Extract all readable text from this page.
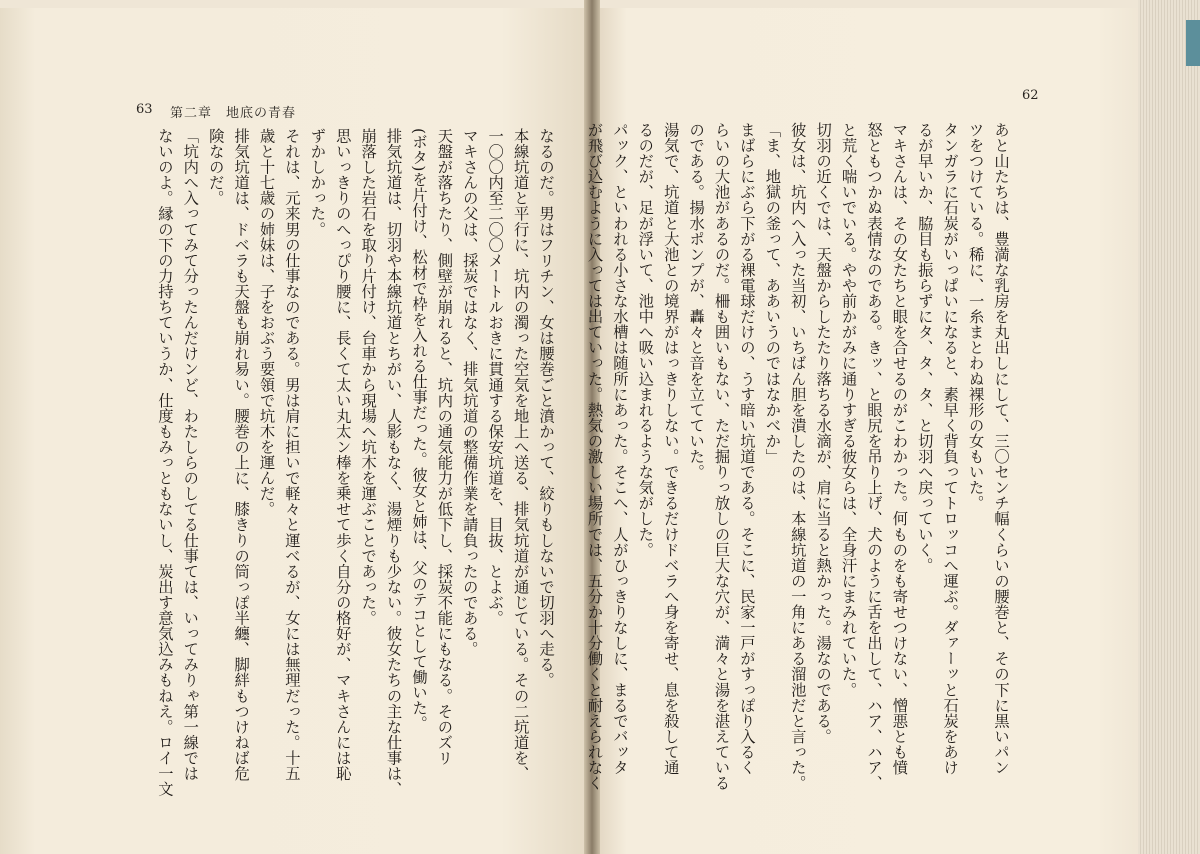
63 第二章　地底の青春
62
なるのだ。男はフリチン、女は腰巻ごと濆かって、絞りもしないで切羽へ走る。
本線坑道と平行に、坑内の濁った空気を地上へ送る、排気坑道が通じている。その二坑道を、
一〇〇内至二〇〇メートルおきに貫通する保安坑道を、目抜、とよぶ。
マキさんの父は、採炭ではなく、排気坑道の整備作業を請負ったのである。
天盤が落ちたり、側壁が崩れると、坑内の通気能力が低下し、採炭不能にもなる。そのズリ
(ボタ)を片付け、松材で枠を入れる仕事だった。彼女と姉は、父のテコとして働いた。
排気坑道は、切羽や本線坑道とちがい、人影もなく、湯煙りも少ない。彼女たちの主な仕事は、
崩落した岩石を取り片付け、台車から現場へ坑木を運ぶことであった。
思いっきりのへっぴり腰に、長くて太い丸太ン棒を乗せて歩く自分の格好が、マキさんには恥
ずかしかった。
それは、元来男の仕事なのである。男は肩に担いで軽々と運べるが、女には無理だった。十五
歳と十七歳の姉妹は、子をおぶう要領で坑木を運んだ。
排気坑道は、ドベラも天盤も崩れ易い。腰巻の上に、膝きりの筒っぽ半纏、脚絆もつけねば危
険なのだ。
「坑内へ入ってみて分ったんだけンど、わたしらのしてる仕事ては、いってみりゃ第一線では
ないのよ。縁の下の力持ちていうか、仕度もみっともないし、炭出す意気込みもねえ。ロイ一文	あと山たちは、豊満な乳房を丸出しにして、三〇センチ幅くらいの腰巻と、その下に黒いパン
ツをつけている。稀に、一糸まとわぬ裸形の女もいた。
タンガラに石炭がいっぱいになると、素早く背負ってトロッコへ運ぶ。ダァーッと石炭をあけ
るが早いか、脇目も振らずにタ、タ、タ、と切羽へ戻っていく。
マキさんは、その女たちと眼を合せるのがこわかった。何ものをも寄せつけない、憎悪とも憤
怒ともつかぬ表情なのである。きッ、と眼尻を吊り上げ、犬のように舌を出して、ハア、ハア、
と荒く喘いでいる。やや前かがみに通りすぎる彼女らは、全身汗にまみれていた。
切羽の近くでは、天盤からしたたり落ちる水滴が、肩に当ると熱かった。湯なのである。
彼女は、坑内へ入った当初、いちばん胆を潰したのは、本線坑道の一角にある溜池だと言った。
「ま、地獄の釜って、ああいうのではなかべか」
まばらにぶら下がる裸電球だけの、うす暗い坑道である。そこに、民家一戸がすっぽり入るく
らいの大池があるのだ。柵も囲いもない、ただ掘りっ放しの巨大な穴が、満々と湯を湛えている
のである。揚水ポンプが、轟々と音を立てていた。
湯気で、坑道と大池との境界がはっきりしない。できるだけドベラへ身を寄せ、息を殺して通
るのだが、足が浮いて、池中へ吸い込まれるような気がした。
パック、といわれる小さな水槽は随所にあった。そこへ、人がひっきりなしに、まるでバッタ
が飛び込むように入っては出ていった。熱気の激しい場所では、五分か十分働くと耐えられなく
